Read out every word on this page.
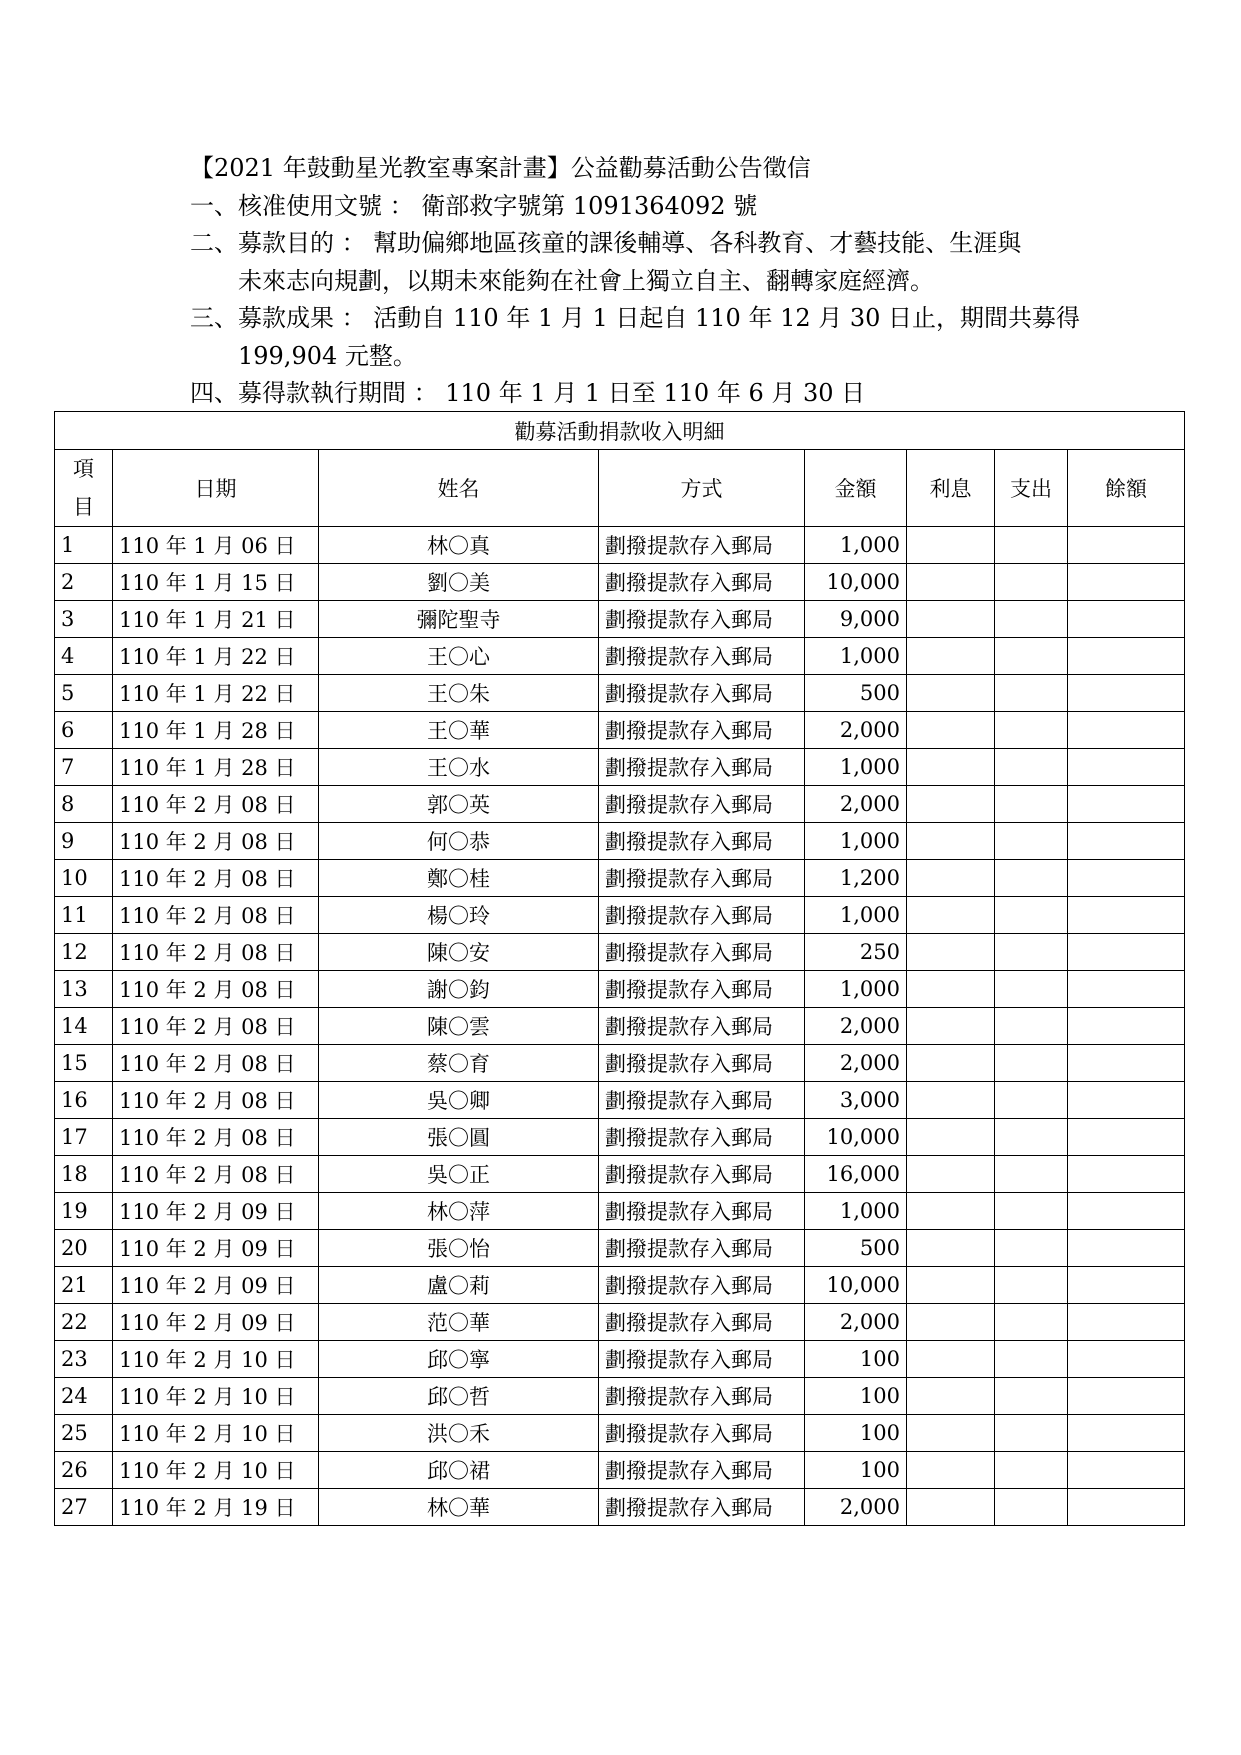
【2021 年鼓動星光教室專案計畫】公益勸募活動公告徵信
一、核准使用文號 ： 衛部救字號第 1091364092 號
二、募款目的 ： 幫助偏鄉地區孩童的課後輔導、各科教育、才藝技能、生涯與
未來志向規劃，以期未來能夠在社會上獨立自主、翻轉家庭經濟。
三、募款成果 ： 活動自 110 年 1 月 1 日起自 110 年 12 月 30 日止，期間共募得
199,904 元整。
四、募得款執行期間 ： 110 年 1 月 1 日至 110 年 6 月 30 日
勸募活動捐款收入明細							
項
目	日期	姓名	方式	金額	利息	支出	餘額
1	110 年 1 月 06 日	林〇真	劃撥提款存入郵局	1,000			
2	110 年 1 月 15 日	劉〇美	劃撥提款存入郵局	10,000			
3	110 年 1 月 21 日	彌陀聖寺	劃撥提款存入郵局	9,000			
4	110 年 1 月 22 日	王〇心	劃撥提款存入郵局	1,000			
5	110 年 1 月 22 日	王〇朱	劃撥提款存入郵局	500			
6	110 年 1 月 28 日	王〇華	劃撥提款存入郵局	2,000			
7	110 年 1 月 28 日	王〇水	劃撥提款存入郵局	1,000			
8	110 年 2 月 08 日	郭〇英	劃撥提款存入郵局	2,000			
9	110 年 2 月 08 日	何〇恭	劃撥提款存入郵局	1,000			
10	110 年 2 月 08 日	鄭〇桂	劃撥提款存入郵局	1,200			
11	110 年 2 月 08 日	楊〇玲	劃撥提款存入郵局	1,000			
12	110 年 2 月 08 日	陳〇安	劃撥提款存入郵局	250			
13	110 年 2 月 08 日	謝〇鈞	劃撥提款存入郵局	1,000			
14	110 年 2 月 08 日	陳〇雲	劃撥提款存入郵局	2,000			
15	110 年 2 月 08 日	蔡〇育	劃撥提款存入郵局	2,000			
16	110 年 2 月 08 日	吳〇卿	劃撥提款存入郵局	3,000			
17	110 年 2 月 08 日	張〇圓	劃撥提款存入郵局	10,000			
18	110 年 2 月 08 日	吳〇正	劃撥提款存入郵局	16,000			
19	110 年 2 月 09 日	林〇萍	劃撥提款存入郵局	1,000			
20	110 年 2 月 09 日	張〇怡	劃撥提款存入郵局	500			
21	110 年 2 月 09 日	盧〇莉	劃撥提款存入郵局	10,000			
22	110 年 2 月 09 日	范〇華	劃撥提款存入郵局	2,000			
23	110 年 2 月 10 日	邱〇寧	劃撥提款存入郵局	100			
24	110 年 2 月 10 日	邱〇哲	劃撥提款存入郵局	100			
25	110 年 2 月 10 日	洪〇禾	劃撥提款存入郵局	100			
26	110 年 2 月 10 日	邱〇裙	劃撥提款存入郵局	100			
27	110 年 2 月 19 日	林〇華	劃撥提款存入郵局	2,000			
